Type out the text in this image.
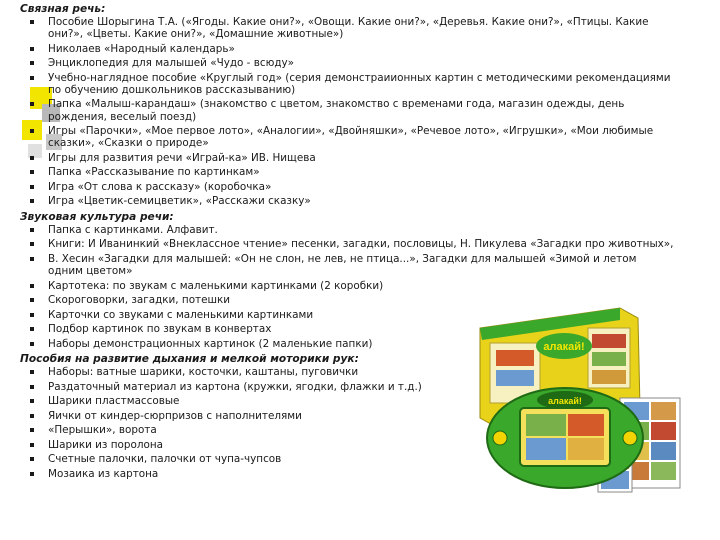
Связная речь:
Пособие Шорыгина Т.А. («Ягоды. Какие они?», «Овощи. Какие они?», «Деревья. Какие они?», «Птицы. Какие они?», «Цветы. Какие они?», «Домашние животные»)
Николаев «Народный календарь»
Энциклопедия для малышей «Чудо - всюду»
Учебно-наглядное пособие «Круглый год» (серия демонстраиионных картин с методическими рекомендациями по обучению дошкольников рассказыванию)
Папка «Малыш-карандаш» (знакомство с цветом, знакомство с временами года, магазин одежды, день рождения, веселый поезд)
Игры «Парочки», «Мое первое лото», «Аналогии», «Двойняшки», «Речевое лото», «Игрушки», «Мои любимые сказки», «Сказки о природе»
Игры для развития речи «Играй-ка» ИВ. Нищева
Папка «Рассказывание по картинкам»
Игра «От слова к рассказу» (коробочка»
Игра «Цветик-семицветик», «Расскажи сказку»
Звуковая культура речи:
Папка с картинками. Алфавит.
Книги: И Иванинкий «Внеклассное чтение» песенки, загадки, пословицы, Н. Пикулева «Загадки про животных»,
В. Хесин «Загадки для малышей: «Он не слон, не лев, не птица...», Загадки для малышей «Зимой и летом одним цветом»
Картотека: по звукам с маленькими картинками (2 коробки)
Скороговорки, загадки, потешки
Карточки со звуками с маленькими картинками
Подбор картинок по звукам в конвертах
Наборы демонстрационных картинок (2 маленькие папки)
Пособия на развитие дыхания и мелкой моторики рук:
Наборы: ватные шарики, косточки, каштаны, пуговички
Раздаточный материал из картона (кружки, ягодки, флажки и т.д.)
Шарики пластмассовые
Яички от киндер-сюрпризов с наполнителями
«Перышки», ворота
Шарики из поролона
Счетные палочки, палочки от чупа-чупсов
Мозаика из картона
алакай!
алакай!
